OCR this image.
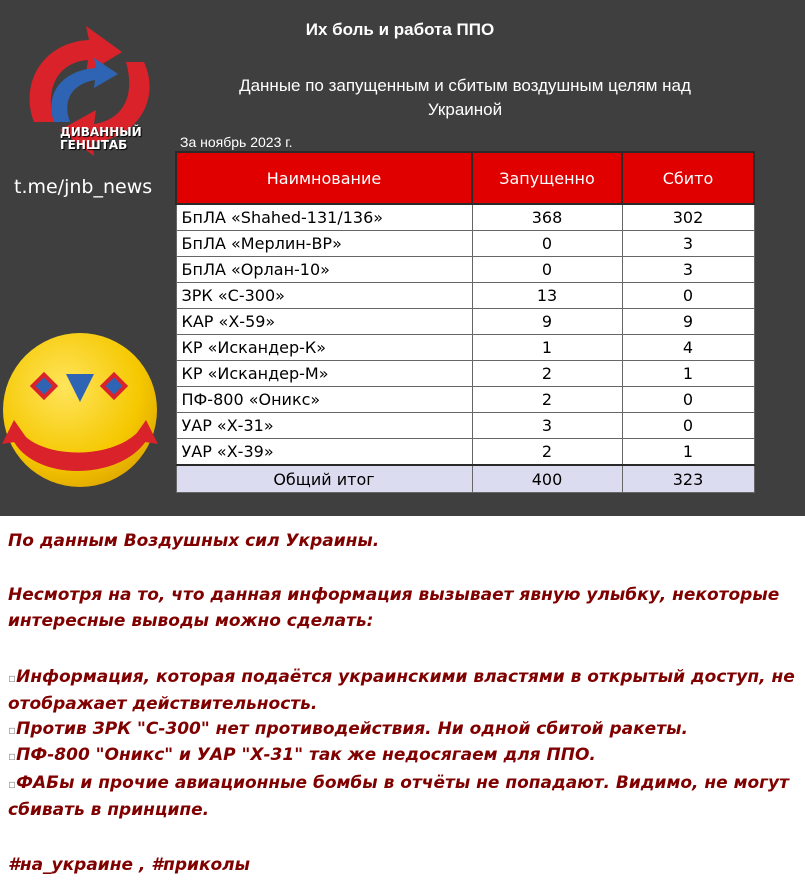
ДИВАННЫЙ
ГЕНШТАБ
t.me/jnb_news
Их боль и работа ППО
Данные по запущенным и сбитым воздушным целям над Украиной
За ноябрь 2023 г.
Наимнование	Запущенно	Сбито
БпЛА «Shahed-131/136»	368	302
БпЛА «Мерлин-ВР»	0	3
БпЛА «Орлан-10»	0	3
ЗРК «С-300»	13	0
КАР «Х-59»	9	9
КР «Искандер-К»	1	4
КР «Искандер-М»	2	1
ПФ-800 «Оникс»	2	0
УАР «Х-31»	3	0
УАР «Х-39»	2	1
Общий итог	400	323

По данным Воздушных сил Украины.

Несмотря на то, что данная информация вызывает явную улыбку, некоторые интересные выводы можно сделать:

▫Информация, которая подаётся украинскими властями в открытый доступ, не отображает действительность.

▫Против ЗРК "С-300" нет противодействия. Ни одной сбитой ракеты.

▫ПФ-800 "Оникс" и УАР "Х-31" так же недосягаем для ППО.

▫ФАБы и прочие авиационные бомбы в отчёты не попадают. Видимо, не могут сбивать в принципе.

#на_украине , #приколы
